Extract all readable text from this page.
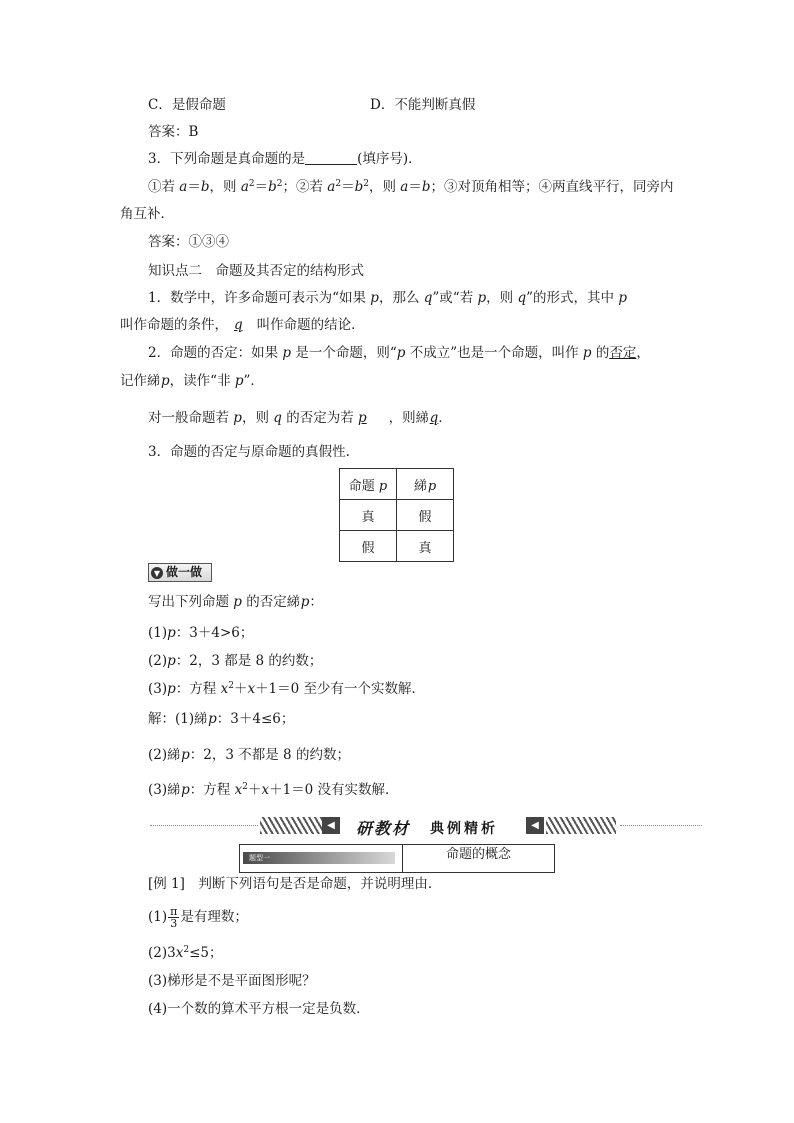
C．是假命题	D．不能判断真假
答案：B
3．下列命题是真命题的是	(填序号)．
①若 a＝b，则 $a^2=b^2$；②若 $a^2=b^2$，则 a＝b；③对顶角相等；④两直线平行，同旁内
角互补．
答案：①③④
知识点二　命题及其否定的结构形式
1．数学中，许多命题可表示为“如果 p，那么 q”或“若 p，则 q”的形式，其中 p
叫作命题的条件， q 叫作命题的结论．
2．命题的否定：如果 p 是一个命题，则“p 不成立”也是一个命题，叫作 p 的否定，
记作綈p，读作“非 p”．
对一般命题若 p，则 q 的否定为若 p ，则綈q．
3．命题的否定与原命题的真假性.
命题 p	綈p
真	假
假	真
▼ 做一做
写出下列命题 p 的否定綈p：
(1)p：3＋4>6；
(2)p：2，3 都是 8 的约数；
(3)p：方程 $x^2+x+1=0$ 至少有一个实数解．
解：(1)綈p：3＋4≤6；
(2)綈p：2，3 不都是 8 的约数；
(3)綈p：方程 $x^2+x+1=0$ 没有实数解．
◀	研教材 典例精析	◀
题型一	命题的概念
[例 1]　判断下列语句是否是命题，并说明理由．
$(1) \frac{\pi}{3}$ 是有理数；
$(2)3x^2\le 5$；
(3)梯形是不是平面图形呢？
(4)一个数的算术平方根一定是负数．
